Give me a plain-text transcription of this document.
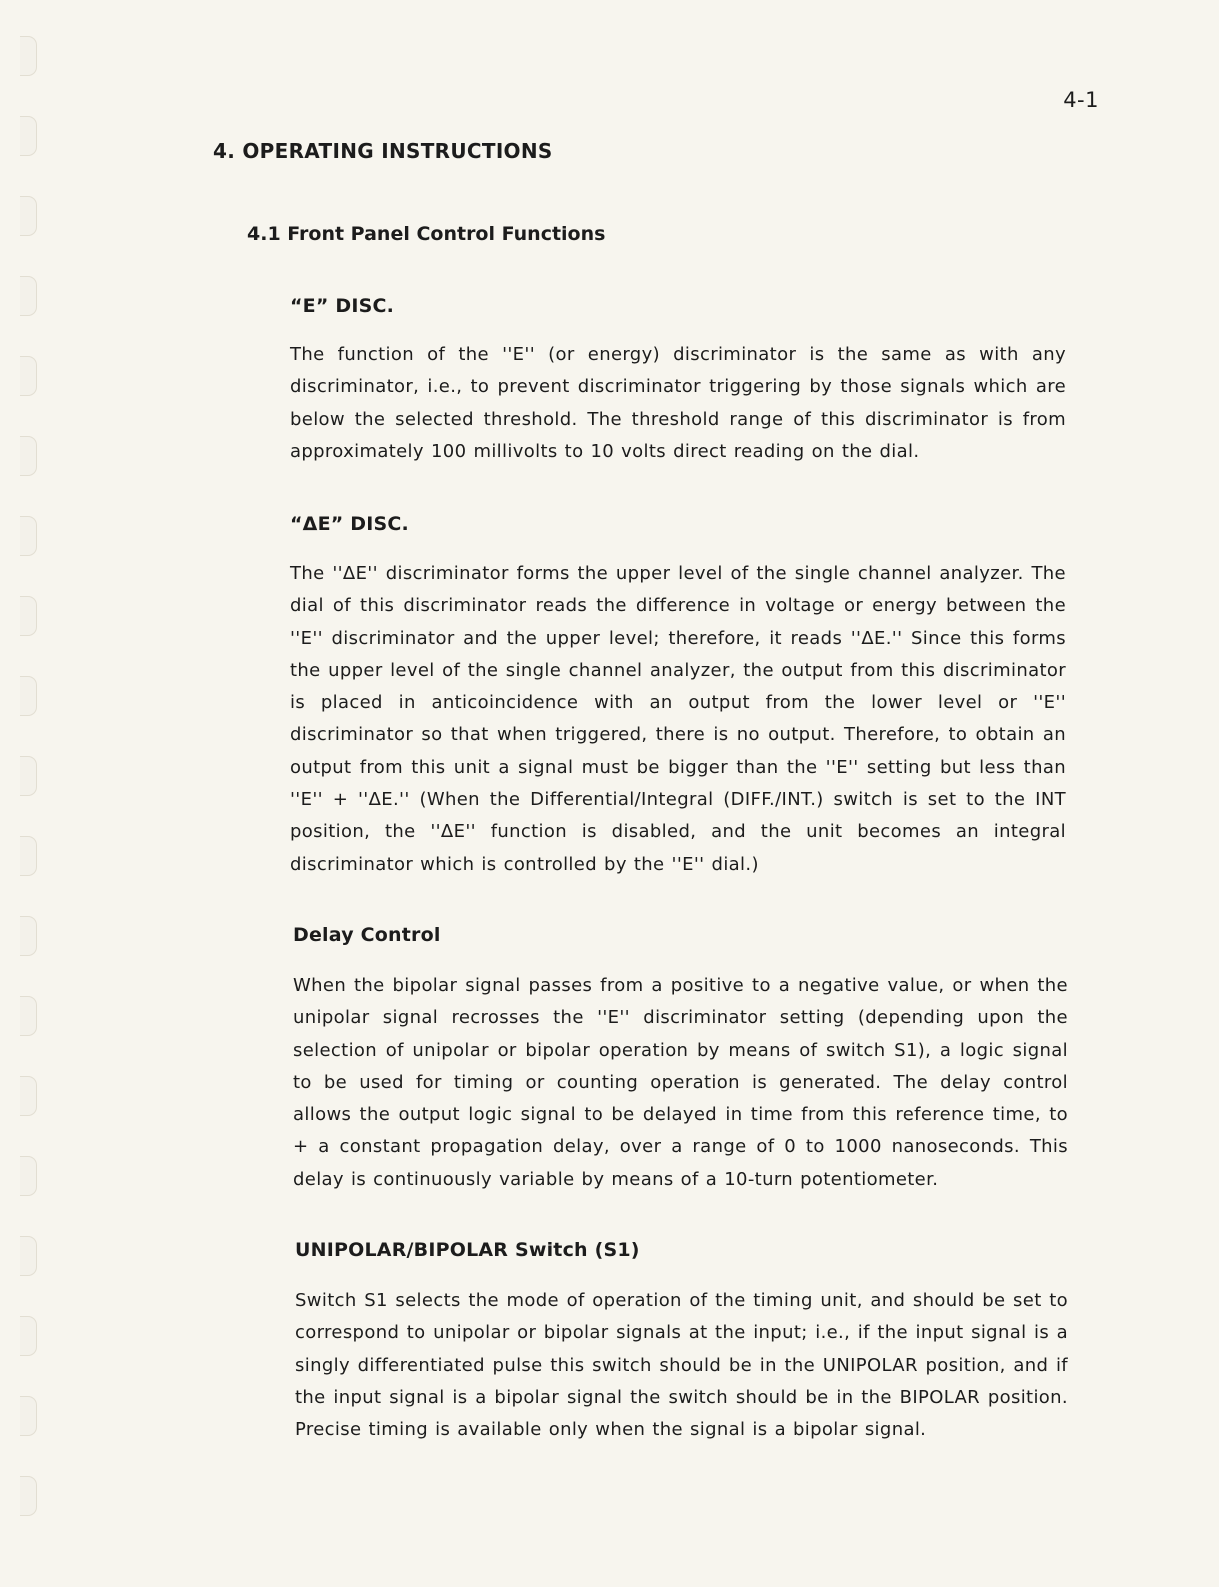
4-1
4. OPERATING INSTRUCTIONS
4.1 Front Panel Control Functions
“E” DISC.

The function of the ''E'' (or energy) discriminator is the same as with any discriminator, i.e., to prevent discriminator triggering by those signals which are below the selected threshold. The threshold range of this discriminator is from approximately 100 millivolts to 10 volts direct reading on the dial.

“ΔE” DISC.

The ''ΔE'' discriminator forms the upper level of the single channel analyzer. The dial of this discriminator reads the difference in voltage or energy between the ''E'' discriminator and the upper level; therefore, it reads ''ΔE.'' Since this forms the upper level of the single channel analyzer, the output from this discriminator is placed in anticoincidence with an output from the lower level or ''E'' discriminator so that when triggered, there is no output. Therefore, to obtain an output from this unit a signal must be bigger than the ''E'' setting but less than ''E'' + ''ΔE.'' (When the Differential/Integral (DIFF./INT.) switch is set to the INT position, the ''ΔE'' function is disabled, and the unit becomes an integral discriminator which is controlled by the ''E'' dial.)

Delay Control

When the bipolar signal passes from a positive to a negative value, or when the unipolar signal recrosses the ''E'' discriminator setting (depending upon the selection of unipolar or bipolar operation by means of switch S1), a logic signal to be used for timing or counting operation is generated. The delay control allows the output logic signal to be delayed in time from this reference time, to + a constant propagation delay, over a range of 0 to 1000 nanoseconds. This delay is continuously variable by means of a 10-turn potentiometer.

UNIPOLAR/BIPOLAR Switch (S1)

Switch S1 selects the mode of operation of the timing unit, and should be set to correspond to unipolar or bipolar signals at the input; i.e., if the input signal is a singly differentiated pulse this switch should be in the UNIPOLAR position, and if the input signal is a bipolar signal the switch should be in the BIPOLAR position. Precise timing is available only when the signal is a bipolar signal.
